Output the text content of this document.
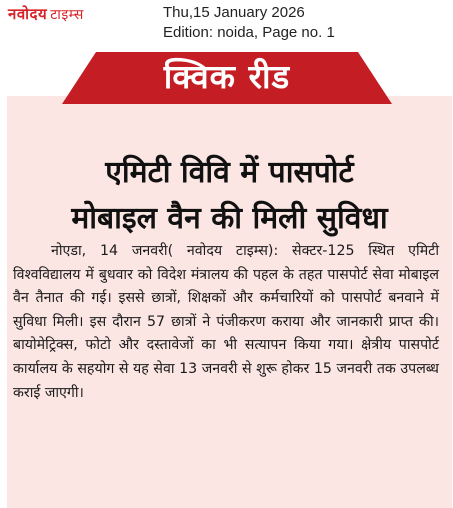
नवोदय टाइम्स	Thu,15 January 2026
Edition: noida, Page no. 1
क्विक रीड
एमिटी विवि में पासपोर्ट
मोबाइल वैन की मिली सुविधा
नोएडा, 14 जनवरी( नवोदय टाइम्स): सेक्टर-125 स्थित एमिटी विश्वविद्यालय में बुधवार को विदेश मंत्रालय की पहल के तहत पासपोर्ट सेवा मोबाइल वैन तैनात की गई। इससे छात्रों, शिक्षकों और कर्मचारियों को पासपोर्ट बनवाने में सुविधा मिली। इस दौरान 57 छात्रों ने पंजीकरण कराया और जानकारी प्राप्त की। बायोमेट्रिक्स, फोटो और दस्तावेजों का भी सत्यापन किया गया। क्षेत्रीय पासपोर्ट कार्यालय के सहयोग से यह सेवा 13 जनवरी से शुरू होकर 15 जनवरी तक उपलब्ध कराई जाएगी।
